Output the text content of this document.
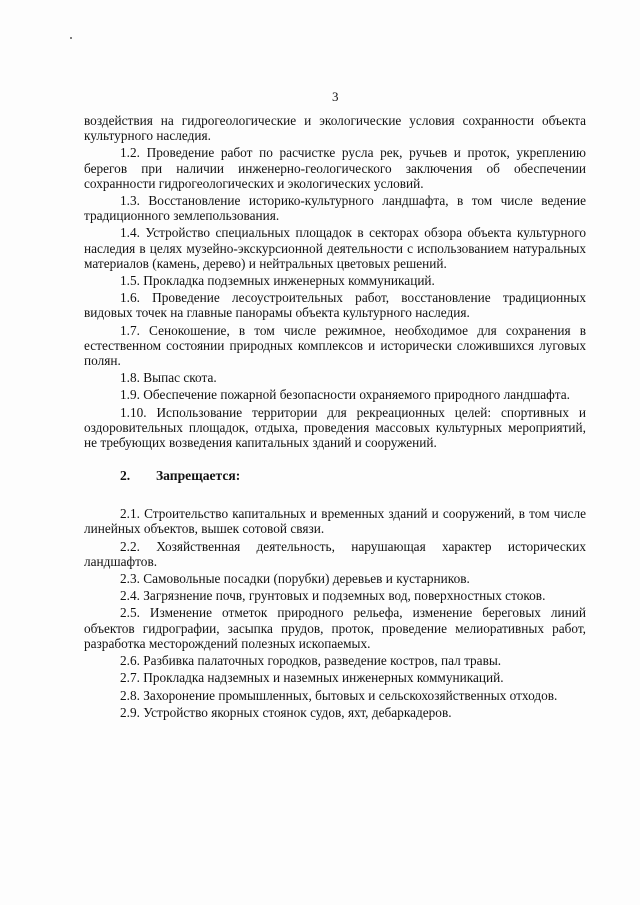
3

воздействия на гидрогеологические и экологические условия сохранности объекта культурного наследия.

1.2. Проведение работ по расчистке русла рек, ручьев и проток, укреплению берегов при наличии инженерно-геологического заключения об обеспечении сохранности гидрогеологических и экологических условий.

1.3. Восстановление историко-культурного ландшафта, в том числе ведение традиционного землепользования.

1.4. Устройство специальных площадок в секторах обзора объекта культурного наследия в целях музейно-экскурсионной деятельности с использованием натуральных материалов (камень, дерево) и нейтральных цветовых решений.

1.5. Прокладка подземных инженерных коммуникаций.

1.6. Проведение лесоустроительных работ, восстановление традиционных видовых точек на главные панорамы объекта культурного наследия.

1.7. Сенокошение, в том числе режимное, необходимое для сохранения в естественном состоянии природных комплексов и исторически сложившихся луговых полян.

1.8. Выпас скота.

1.9. Обеспечение пожарной безопасности охраняемого природного ландшафта.

1.10. Использование территории для рекреационных целей: спортивных и оздоровительных площадок, отдыха, проведения массовых культурных мероприятий, не требующих возведения капитальных зданий и сооружений.

2. Запрещается:

2.1. Строительство капитальных и временных зданий и сооружений, в том числе линейных объектов, вышек сотовой связи.

2.2. Хозяйственная деятельность, нарушающая характер исторических ландшафтов.

2.3. Самовольные посадки (порубки) деревьев и кустарников.

2.4. Загрязнение почв, грунтовых и подземных вод, поверхностных стоков.

2.5. Изменение отметок природного рельефа, изменение береговых линий объектов гидрографии, засыпка прудов, проток, проведение мелиоративных работ, разработка месторождений полезных ископаемых.

2.6. Разбивка палаточных городков, разведение костров, пал травы.

2.7. Прокладка надземных и наземных инженерных коммуникаций.

2.8. Захоронение промышленных, бытовых и сельскохозяйственных отходов.

2.9. Устройство якорных стоянок судов, яхт, дебаркадеров.
